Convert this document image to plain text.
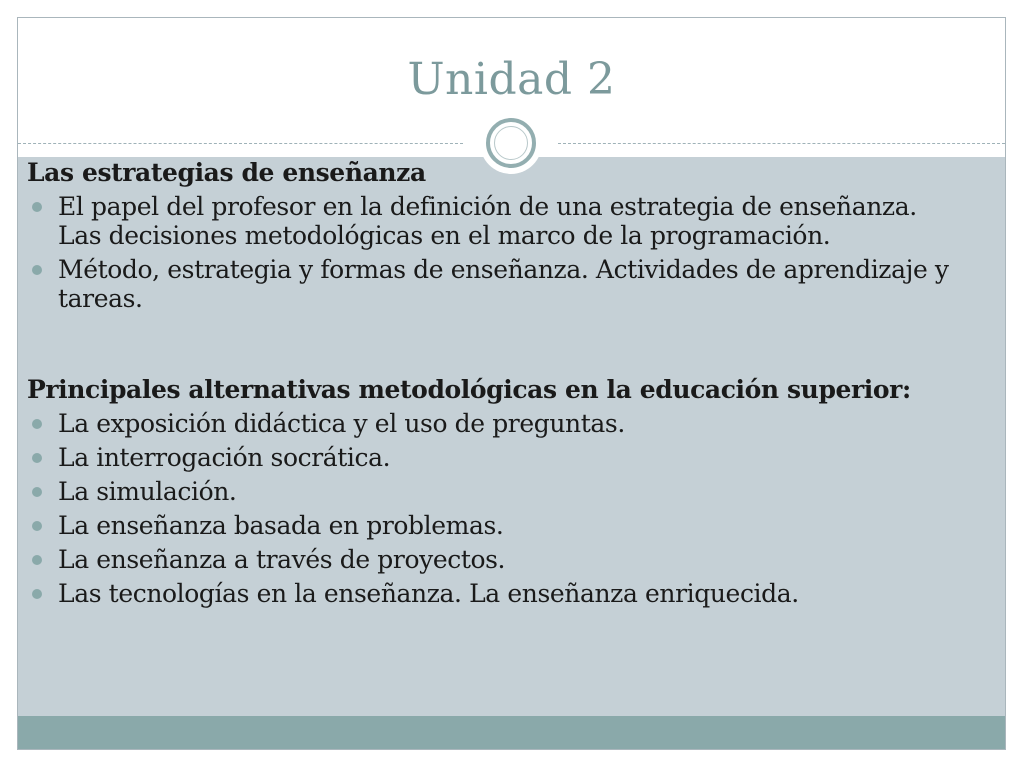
Unidad 2

Las estrategias de enseñanza

El papel del profesor en la definición de una estrategia de enseñanza. Las decisiones metodológicas en el marco de la programación.
Método, estrategia y formas de enseñanza. Actividades de aprendizaje y tareas.

Principales alternativas metodológicas en la educación superior:

La exposición didáctica y el uso de preguntas.
La interrogación socrática.
La simulación.
La enseñanza basada en problemas.
La enseñanza a través de proyectos.
Las tecnologías en la enseñanza. La enseñanza enriquecida.
